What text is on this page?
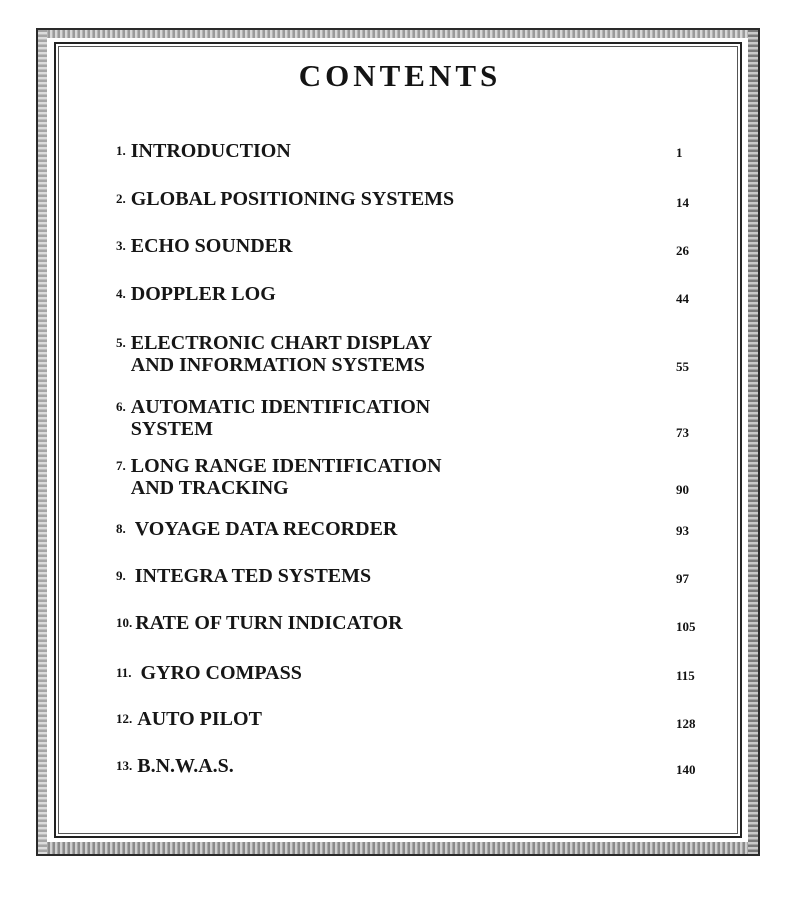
CONTENTS
1. INTRODUCTION	1
2. GLOBAL POSITIONING SYSTEMS	14
3. ECHO SOUNDER	26
4. DOPPLER LOG	44
5. ELECTRONIC CHART DISPLAY
AND INFORMATION SYSTEMS	55
6. AUTOMATIC IDENTIFICATION
SYSTEM	73
7. LONG RANGE IDENTIFICATION
AND TRACKING	90
8. VOYAGE DATA RECORDER	93
9. INTEGRA TED SYSTEMS	97
10. RATE OF TURN INDICATOR	105
11. GYRO COMPASS	115
12. AUTO PILOT	128
13. B.N.W.A.S.	140
